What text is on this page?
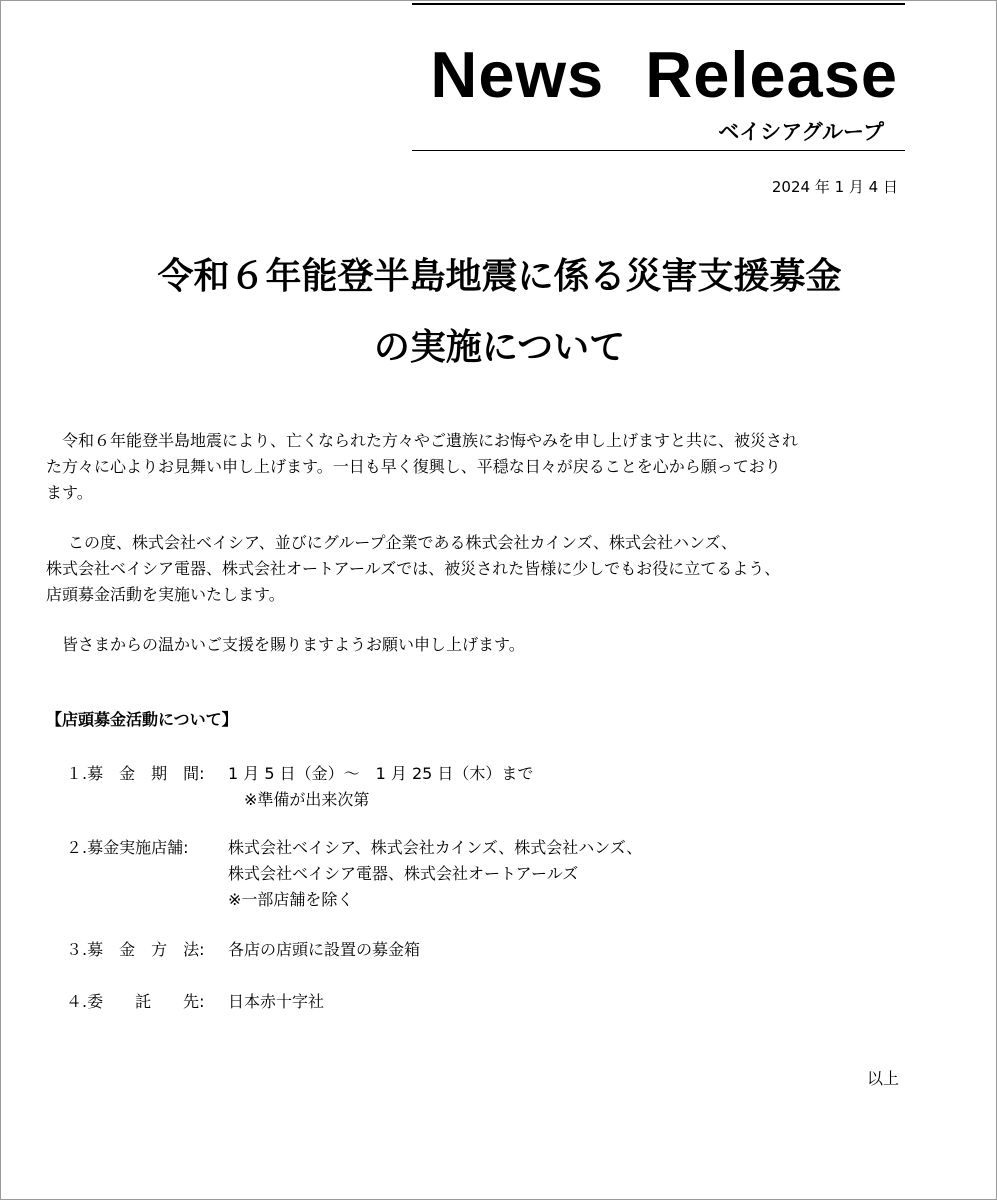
News Release
ベイシアグループ
2024 年 1 月 4 日
令和６年能登半島地震に係る災害支援募金
の実施について
令和６年能登半島地震により、亡くなられた方々やご遺族にお悔やみを申し上げますと共に、被災され
た方々に心よりお見舞い申し上げます。一日も早く復興し、平穏な日々が戻ることを心から願っており
ます。
この度、株式会社ベイシア、並びにグループ企業である株式会社カインズ、株式会社ハンズ、
株式会社ベイシア電器、株式会社オートアールズでは、被災された皆様に少しでもお役に立てるよう、
店頭募金活動を実施いたします。
皆さまからの温かいご支援を賜りますようお願い申し上げます。
【店頭募金活動について】
１.募　金　期　間:	1 月 5 日（金）～　1 月 25 日（木）まで
　※準備が出来次第
２.募金実施店舗:	株式会社ベイシア、株式会社カインズ、株式会社ハンズ、
株式会社ベイシア電器、株式会社オートアールズ
※一部店舗を除く
３.募　金　方　法:	各店の店頭に設置の募金箱
４.委　　託　　先:	日本赤十字社
以上
